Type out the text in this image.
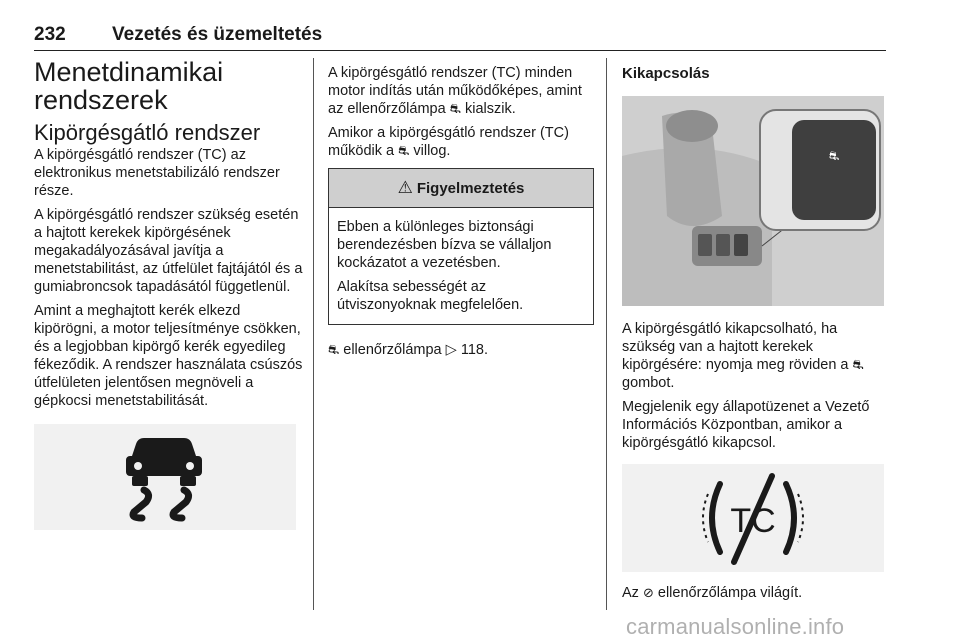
232 Vezetés és üzemeltetés
Menetdinamikai rendszerek
Kipörgésgátló rendszer

A kipörgésgátló rendszer (TC) az elektronikus menetstabilizáló rendszer része.

A kipörgésgátló rendszer szükség esetén a hajtott kerekek kipörgésének megakadályozásával javítja a menetstabilitást, az útfelület fajtájától és a gumiabroncsok tapadásától függetlenül.

Amint a meghajtott kerék elkezd kipörögni, a motor teljesítménye csökken, és a legjobban kipörgő kerék egyedileg fékeződik. A rendszer használata csúszós útfelületen jelentősen megnöveli a gépkocsi menetstabilitását.

A kipörgésgátló rendszer (TC) minden motor indítás után működőképes, amint az ellenőrzőlámpa ⛐ kialszik.

Amikor a kipörgésgátló rendszer (TC) működik a ⛐ villog.

⚠ Figyelmeztetés

Ebben a különleges biztonsági berendezésben bízva se vállaljon kockázatot a vezetésben.

Alakítsa sebességét az útviszonyoknak megfelelően.

⛐ ellenőrzőlámpa ▷ 118.

Kikapcsolás
⛐

A kipörgésgátló kikapcsolható, ha szükség van a hajtott kerekek kipörgésére: nyomja meg röviden a ⛐ gombot.

Megjelenik egy állapotüzenet a Vezető Információs Központban, amikor a kipörgésgátló kikapcsol.

TC

Az ⊘ ellenőrzőlámpa világít.

carmanualsonline.info
